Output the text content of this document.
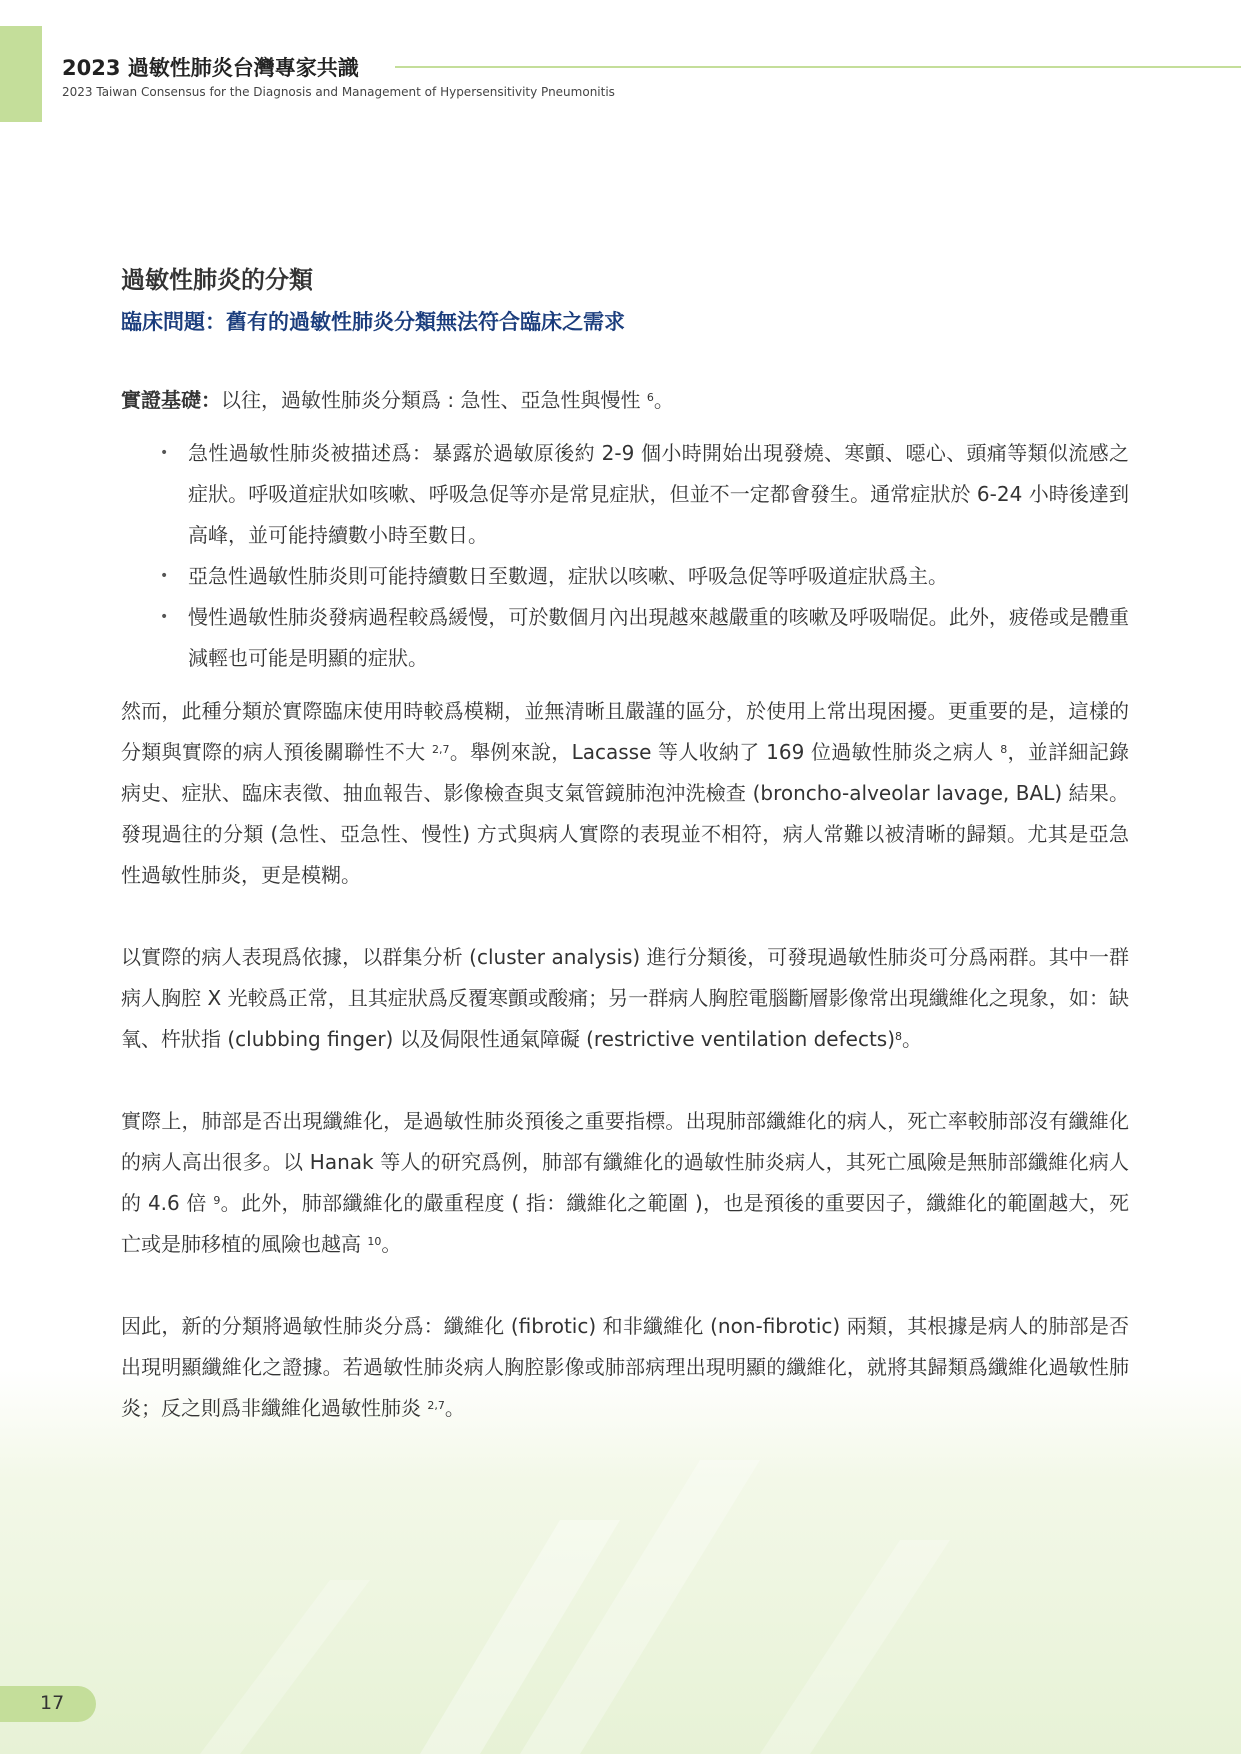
2023 過敏性肺炎台灣專家共識
2023 Taiwan Consensus for the Diagnosis and Management of Hypersensitivity Pneumonitis
過敏性肺炎的分類
臨床問題：舊有的過敏性肺炎分類無法符合臨床之需求

實證基礎：以往，過敏性肺炎分類爲 : 急性、亞急性與慢性 $^6$。

• 急性過敏性肺炎被描述爲：暴露於過敏原後約 2-9 個小時開始出現發燒、寒顫、噁心、頭痛等類似流感之症狀。呼吸道症狀如咳嗽、呼吸急促等亦是常見症狀，但並不一定都會發生。通常症狀於 6-24 小時後達到高峰，並可能持續數小時至數日。
• 亞急性過敏性肺炎則可能持續數日至數週，症狀以咳嗽、呼吸急促等呼吸道症狀爲主。
• 慢性過敏性肺炎發病過程較爲緩慢，可於數個月內出現越來越嚴重的咳嗽及呼吸喘促。此外，疲倦或是體重減輕也可能是明顯的症狀。

然而，此種分類於實際臨床使用時較爲模糊，並無清晰且嚴謹的區分，於使用上常出現困擾。更重要的是，這樣的分類與實際的病人預後關聯性不大 $^{2,7}$。舉例來說，Lacasse 等人收納了 169 位過敏性肺炎之病人 $^8$，並詳細記錄病史、症狀、臨床表徵、抽血報告、影像檢查與支氣管鏡肺泡沖洗檢查 (broncho-alveolar lavage, BAL) 結果。發現過往的分類 (急性、亞急性、慢性) 方式與病人實際的表現並不相符，病人常難以被清晰的歸類。尤其是亞急性過敏性肺炎，更是模糊。

以實際的病人表現爲依據，以群集分析 (cluster analysis) 進行分類後，可發現過敏性肺炎可分爲兩群。其中一群病人胸腔 X 光較爲正常，且其症狀爲反覆寒顫或酸痛；另一群病人胸腔電腦斷層影像常出現纖維化之現象，如：缺氧、杵狀指 (clubbing finger) 以及侷限性通氣障礙 (restrictive ventilation defects)$^8$。

實際上，肺部是否出現纖維化，是過敏性肺炎預後之重要指標。出現肺部纖維化的病人，死亡率較肺部沒有纖維化的病人高出很多。以 Hanak 等人的研究爲例，肺部有纖維化的過敏性肺炎病人，其死亡風險是無肺部纖維化病人的 4.6 倍 $^9$。此外，肺部纖維化的嚴重程度 ( 指：纖維化之範圍 )，也是預後的重要因子，纖維化的範圍越大，死亡或是肺移植的風險也越高 $^{10}$。

因此，新的分類將過敏性肺炎分爲：纖維化 (fibrotic) 和非纖維化 (non-fibrotic) 兩類，其根據是病人的肺部是否出現明顯纖維化之證據。若過敏性肺炎病人胸腔影像或肺部病理出現明顯的纖維化，就將其歸類爲纖維化過敏性肺炎；反之則爲非纖維化過敏性肺炎 $^{2,7}$。

17
